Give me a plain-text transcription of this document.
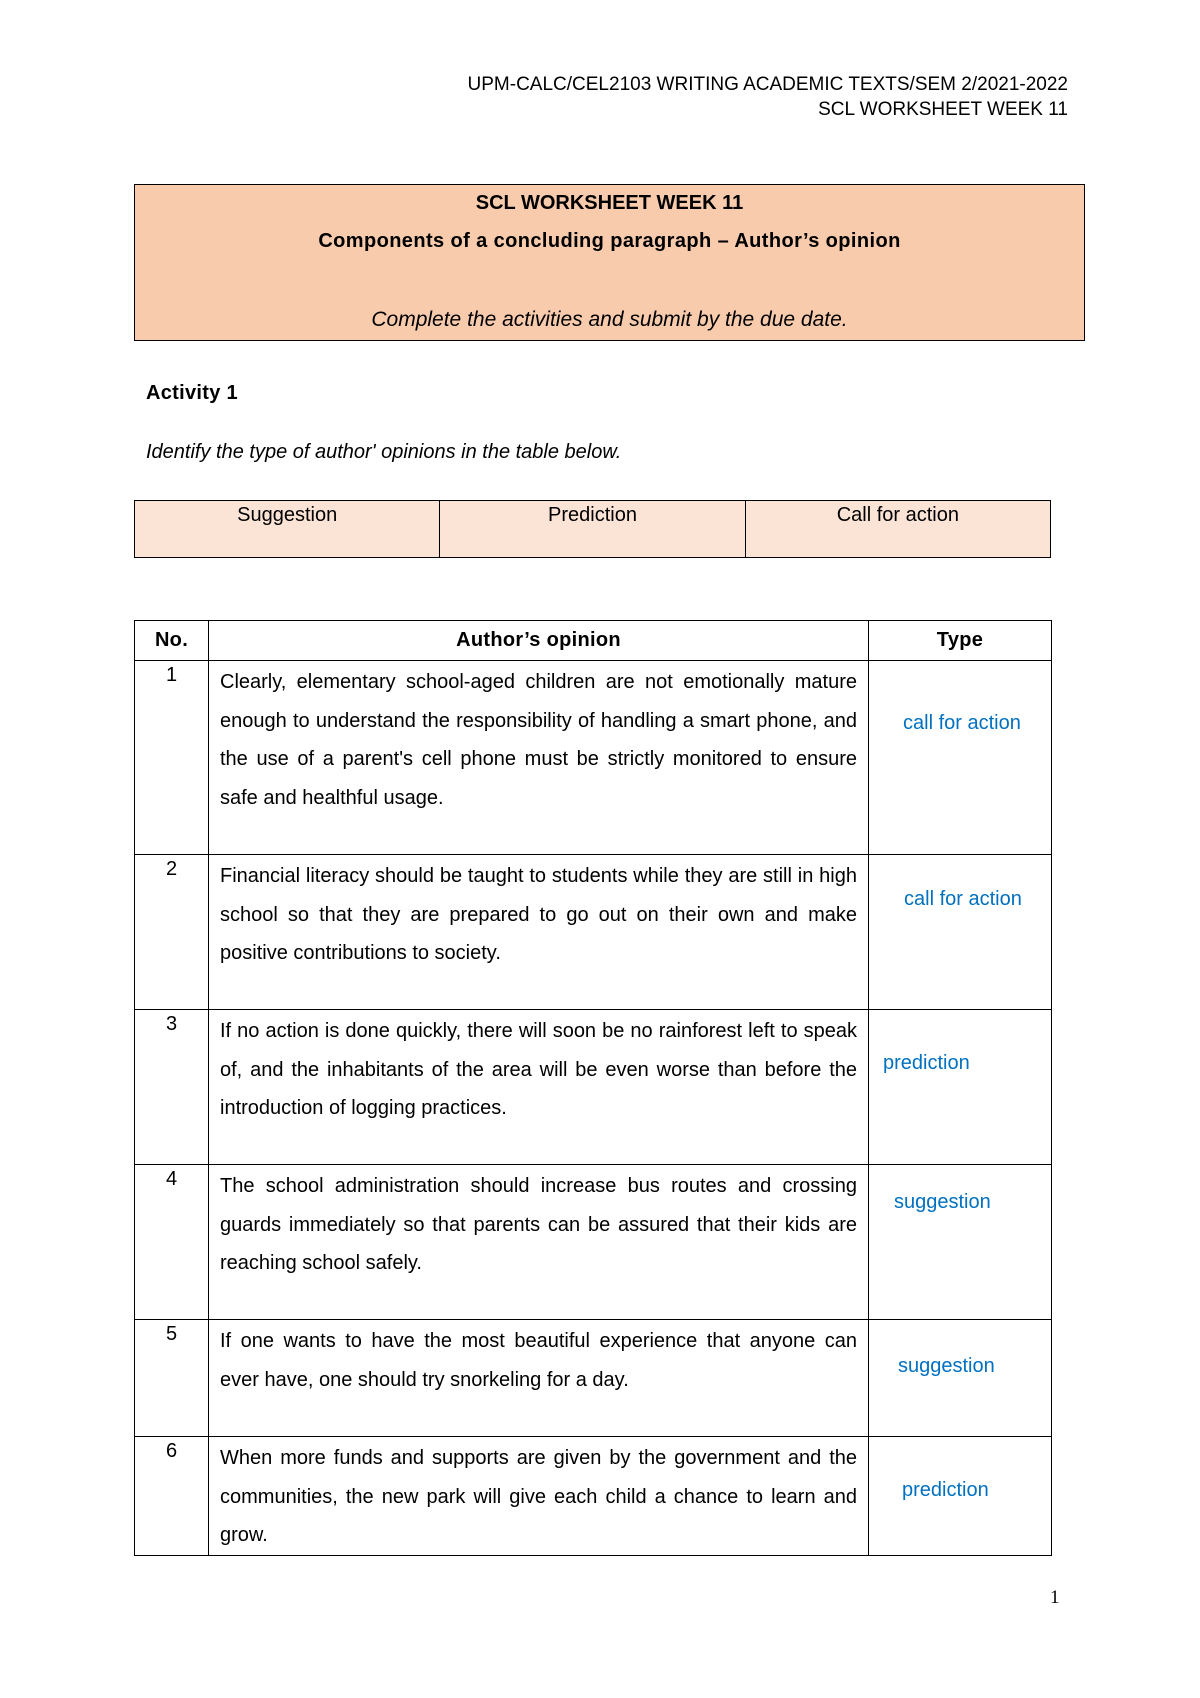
UPM-CALC/CEL2103 WRITING ACADEMIC TEXTS/SEM 2/2021-2022
SCL WORKSHEET WEEK 11
SCL WORKSHEET WEEK 11
Components of a concluding paragraph – Author’s opinion
Complete the activities and submit by the due date.
Activity 1
Identify the type of author' opinions in the table below.
Suggestion	Prediction	Call for action
No.	Author’s opinion	Type
1	Clearly, elementary school-aged children are not emotionally mature enough to understand the responsibility of handling a smart phone, and the use of a parent's cell phone must be strictly monitored to ensure safe and healthful usage.	call for action

2	Financial literacy should be taught to students while they are still in high school so that they are prepared to go out on their own and make positive contributions to society.	call for action

3	If no action is done quickly, there will soon be no rainforest left to speak of, and the inhabitants of the area will be even worse than before the introduction of logging practices.	prediction

4	The school administration should increase bus routes and crossing guards immediately so that parents can be assured that their kids are reaching school safely.	suggestion

5	If one wants to have the most beautiful experience that anyone can ever have, one should try snorkeling for a day.	suggestion

6	When more funds and supports are given by the government and the communities, the new park will give each child a chance to learn and grow.	prediction
1
